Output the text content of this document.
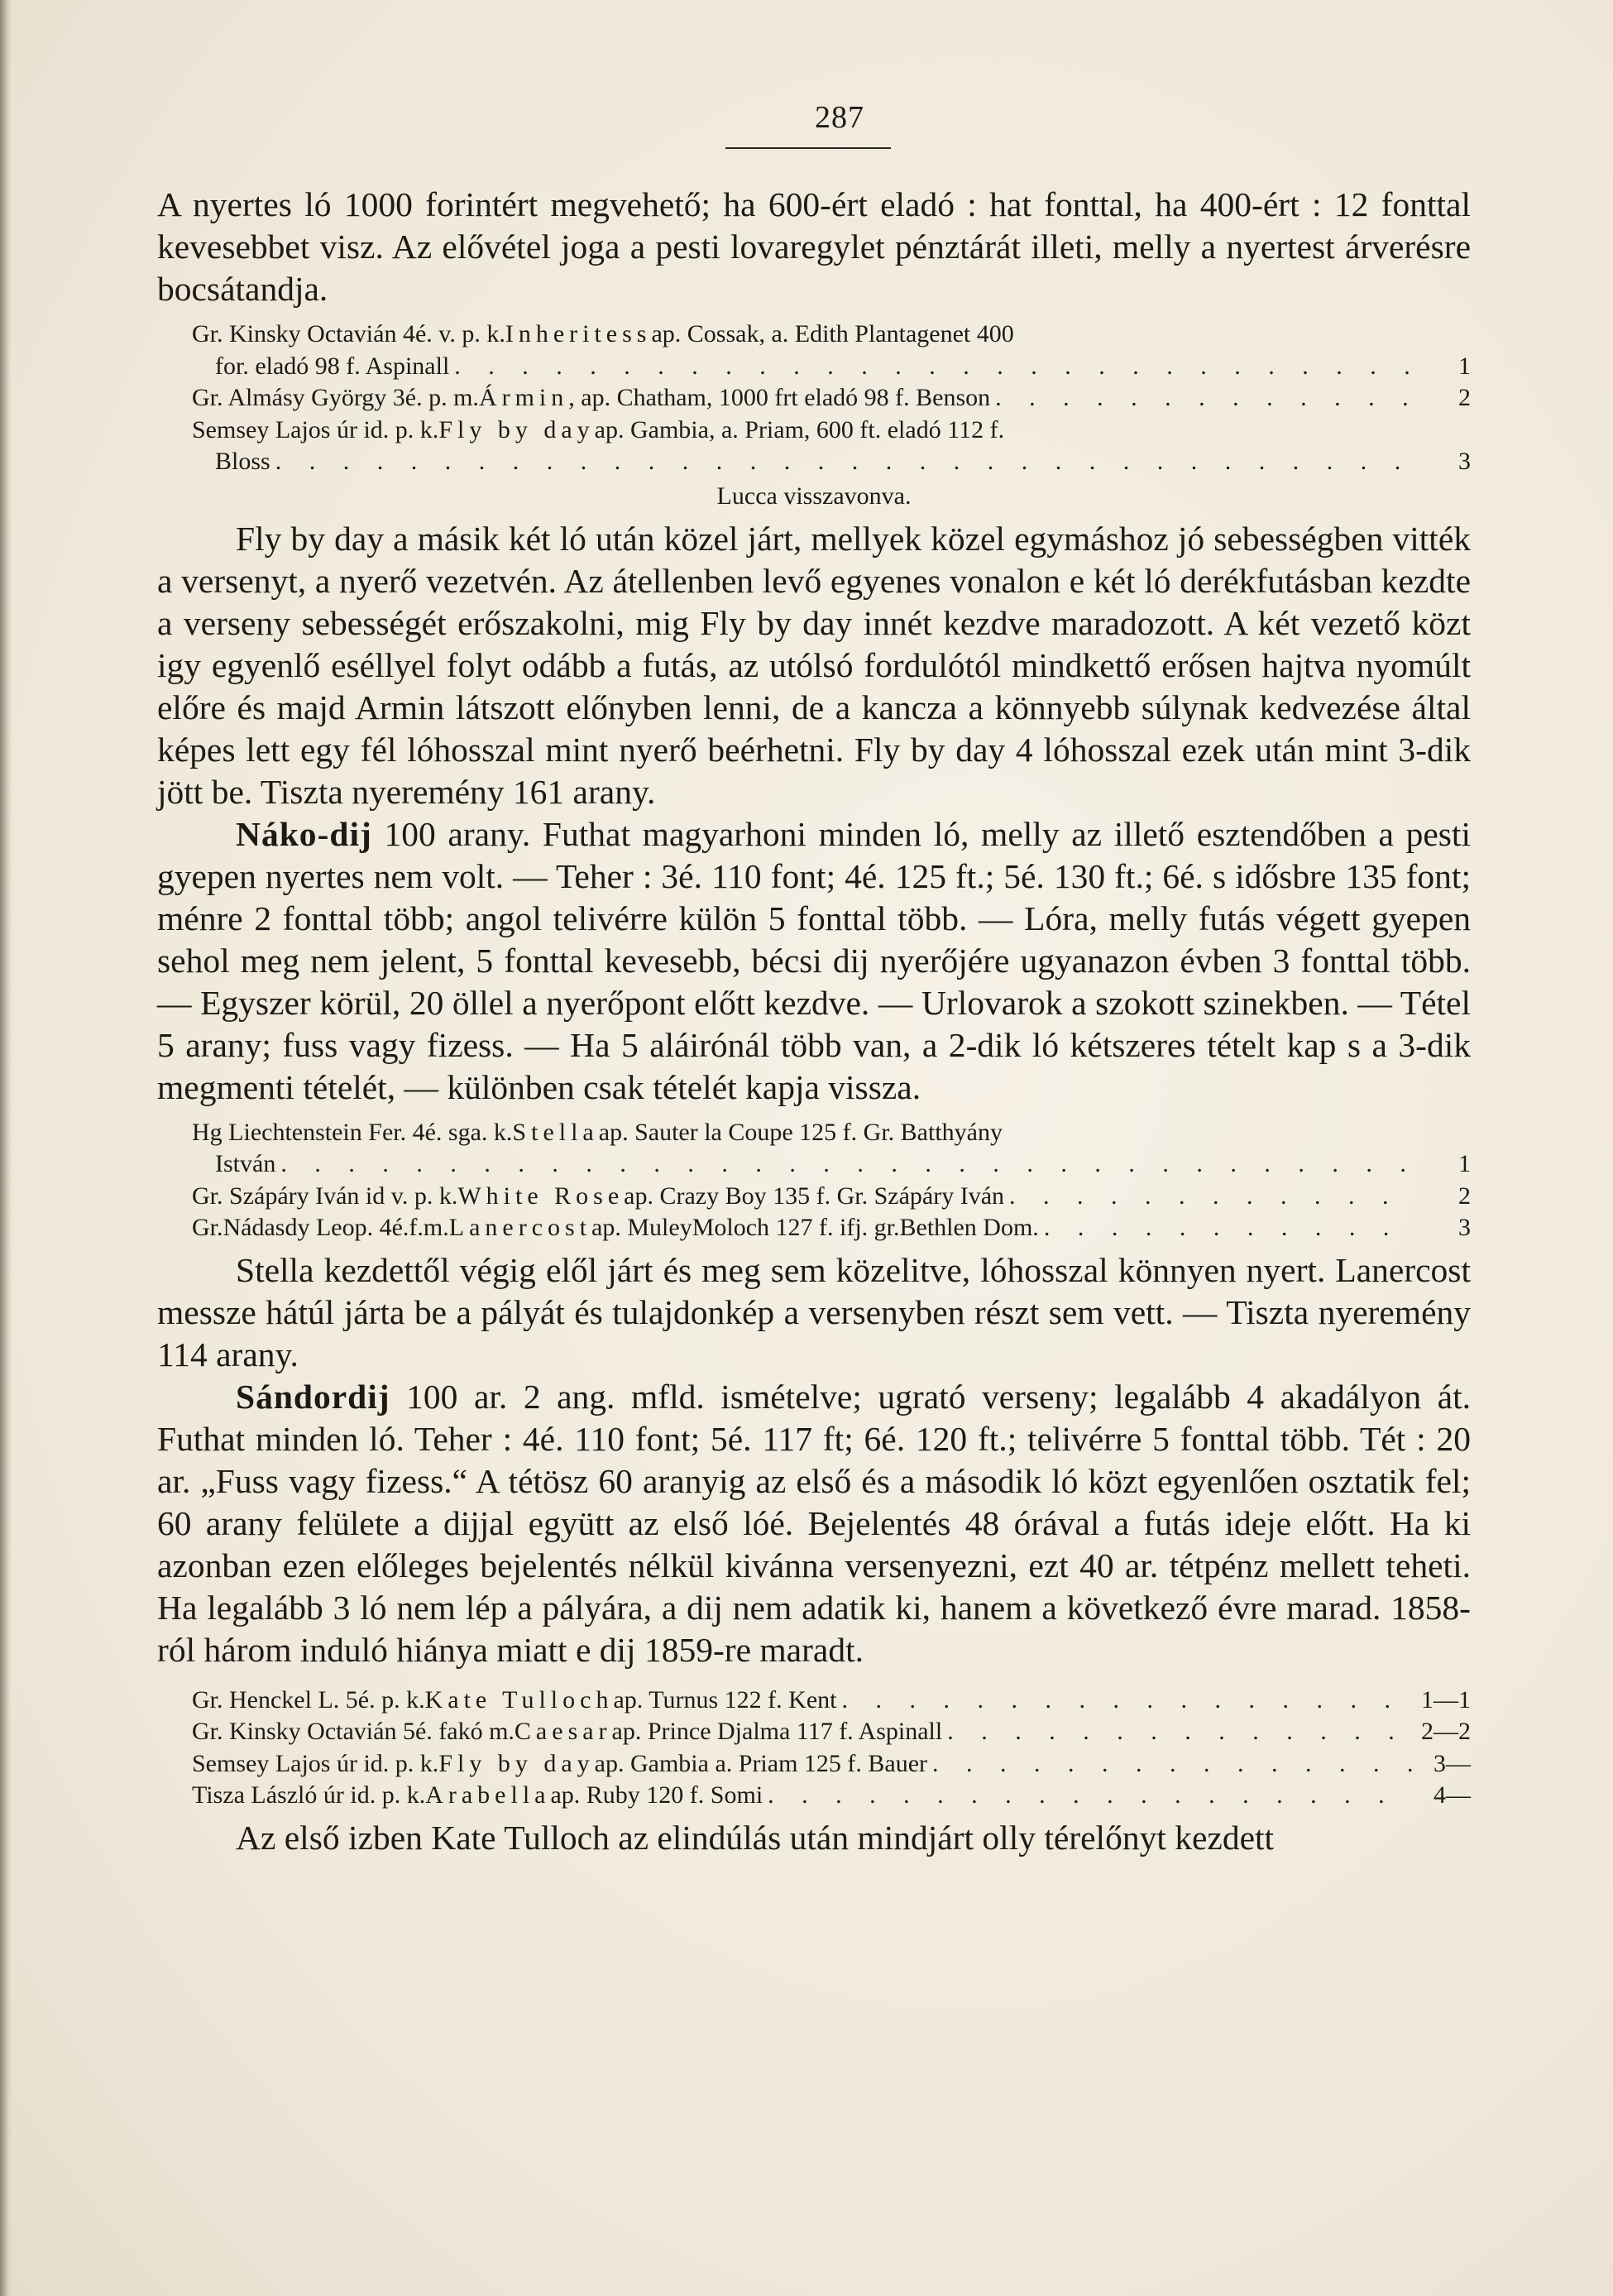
287

A nyertes ló 1000 forintért megvehető; ha 600-ért eladó : hat fonttal, ha 400-ért : 12 fonttal kevesebbet visz. Az elővétel joga a pesti lovaregylet pénztárát illeti, melly a nyertest árverésre bocsátandja.

Gr. Kinsky Octavián 4é. v. p. k. Inheritess ap. Cossak, a. Edith Plantagenet 400
for. eladó 98 f. Aspinall . . .	1
Gr. Almásy György 3é. p. m. Ármin , ap. Chatham, 1000 frt eladó 98 f. Benson . . .	2
Semsey Lajos úr id. p. k. Fly by day ap. Gambia, a. Priam, 600 ft. eladó 112 f.
Bloss . . .	3
Lucca visszavonva.

Fly by day a másik két ló után közel járt, mellyek közel egymáshoz jó sebességben vitték a versenyt, a nyerő vezetvén. Az átellenben levő egyenes vonalon e két ló derékfutásban kezdte a verseny sebességét erőszakolni, mig Fly by day innét kezdve maradozott. A két vezető közt igy egyenlő eséllyel folyt odább a futás, az utólsó fordulótól mindkettő erősen hajtva nyomúlt előre és majd Armin látszott előnyben lenni, de a kancza a könnyebb súlynak kedvezése által képes lett egy fél lóhosszal mint nyerő beérhetni. Fly by day 4 lóhosszal ezek után mint 3-dik jött be. Tiszta nyeremény 161 arany.

Náko-dij 100 arany. Futhat magyarhoni minden ló, melly az illető esztendőben a pesti gyepen nyertes nem volt. — Teher : 3é. 110 font; 4é. 125 ft.; 5é. 130 ft.; 6é. s idősbre 135 font; ménre 2 fonttal több; angol telivérre külön 5 fonttal több. — Lóra, melly futás végett gyepen sehol meg nem jelent, 5 fonttal kevesebb, bécsi dij nyerőjére ugyanazon évben 3 fonttal több. — Egyszer körül, 20 öllel a nyerőpont előtt kezdve. — Urlovarok a szokott szinekben. — Tétel 5 arany; fuss vagy fizess. — Ha 5 aláirónál több van, a 2-dik ló kétszeres tételt kap s a 3-dik megmenti tételét, — különben csak tételét kapja vissza.

Hg Liechtenstein Fer. 4é. sga. k. Stella ap. Sauter la Coupe 125 f. Gr. Batthyány
István . . .	1
Gr. Szápáry Iván id v. p. k. White Rose ap. Crazy Boy 135 f. Gr. Szápáry Iván . . .	2
Gr.Nádasdy Leop. 4é.f.m. Lanercost ap. MuleyMoloch 127 f. ifj. gr.Bethlen Dom. . . .	3

Stella kezdettől végig elől járt és meg sem közelitve, lóhosszal könnyen nyert. Lanercost messze hátúl járta be a pályát és tulajdonkép a versenyben részt sem vett. — Tiszta nyeremény 114 arany.

Sándordij 100 ar. 2 ang. mfld. ismételve; ugrató verseny; legalább 4 akadályon át. Futhat minden ló. Teher : 4é. 110 font; 5é. 117 ft; 6é. 120 ft.; telivérre 5 fonttal több. Tét : 20 ar. „Fuss vagy fizess.“ A tétösz 60 aranyig az első és a második ló közt egyenlően osztatik fel; 60 arany felülete a dijjal együtt az első lóé. Bejelentés 48 órával a futás ideje előtt. Ha ki azonban ezen előleges bejelentés nélkül kivánna versenyezni, ezt 40 ar. tétpénz mellett teheti. Ha legalább 3 ló nem lép a pályára, a dij nem adatik ki, hanem a következő évre marad. 1858-ról három induló hiánya miatt e dij 1859-re maradt.

Gr. Henckel L. 5é. p. k. Kate Tulloch ap. Turnus 122 f. Kent . . .	1—1
Gr. Kinsky Octavián 5é. fakó m. Caesar ap. Prince Djalma 117 f. Aspinall . . .	2—2
Semsey Lajos úr id. p. k. Fly by day ap. Gambia a. Priam 125 f. Bauer . . .	3—
Tisza László úr id. p. k. Arabella ap. Ruby 120 f. Somi . . .	4—

Az első izben Kate Tulloch az elindúlás után mindjárt olly térelőnyt kezdett
